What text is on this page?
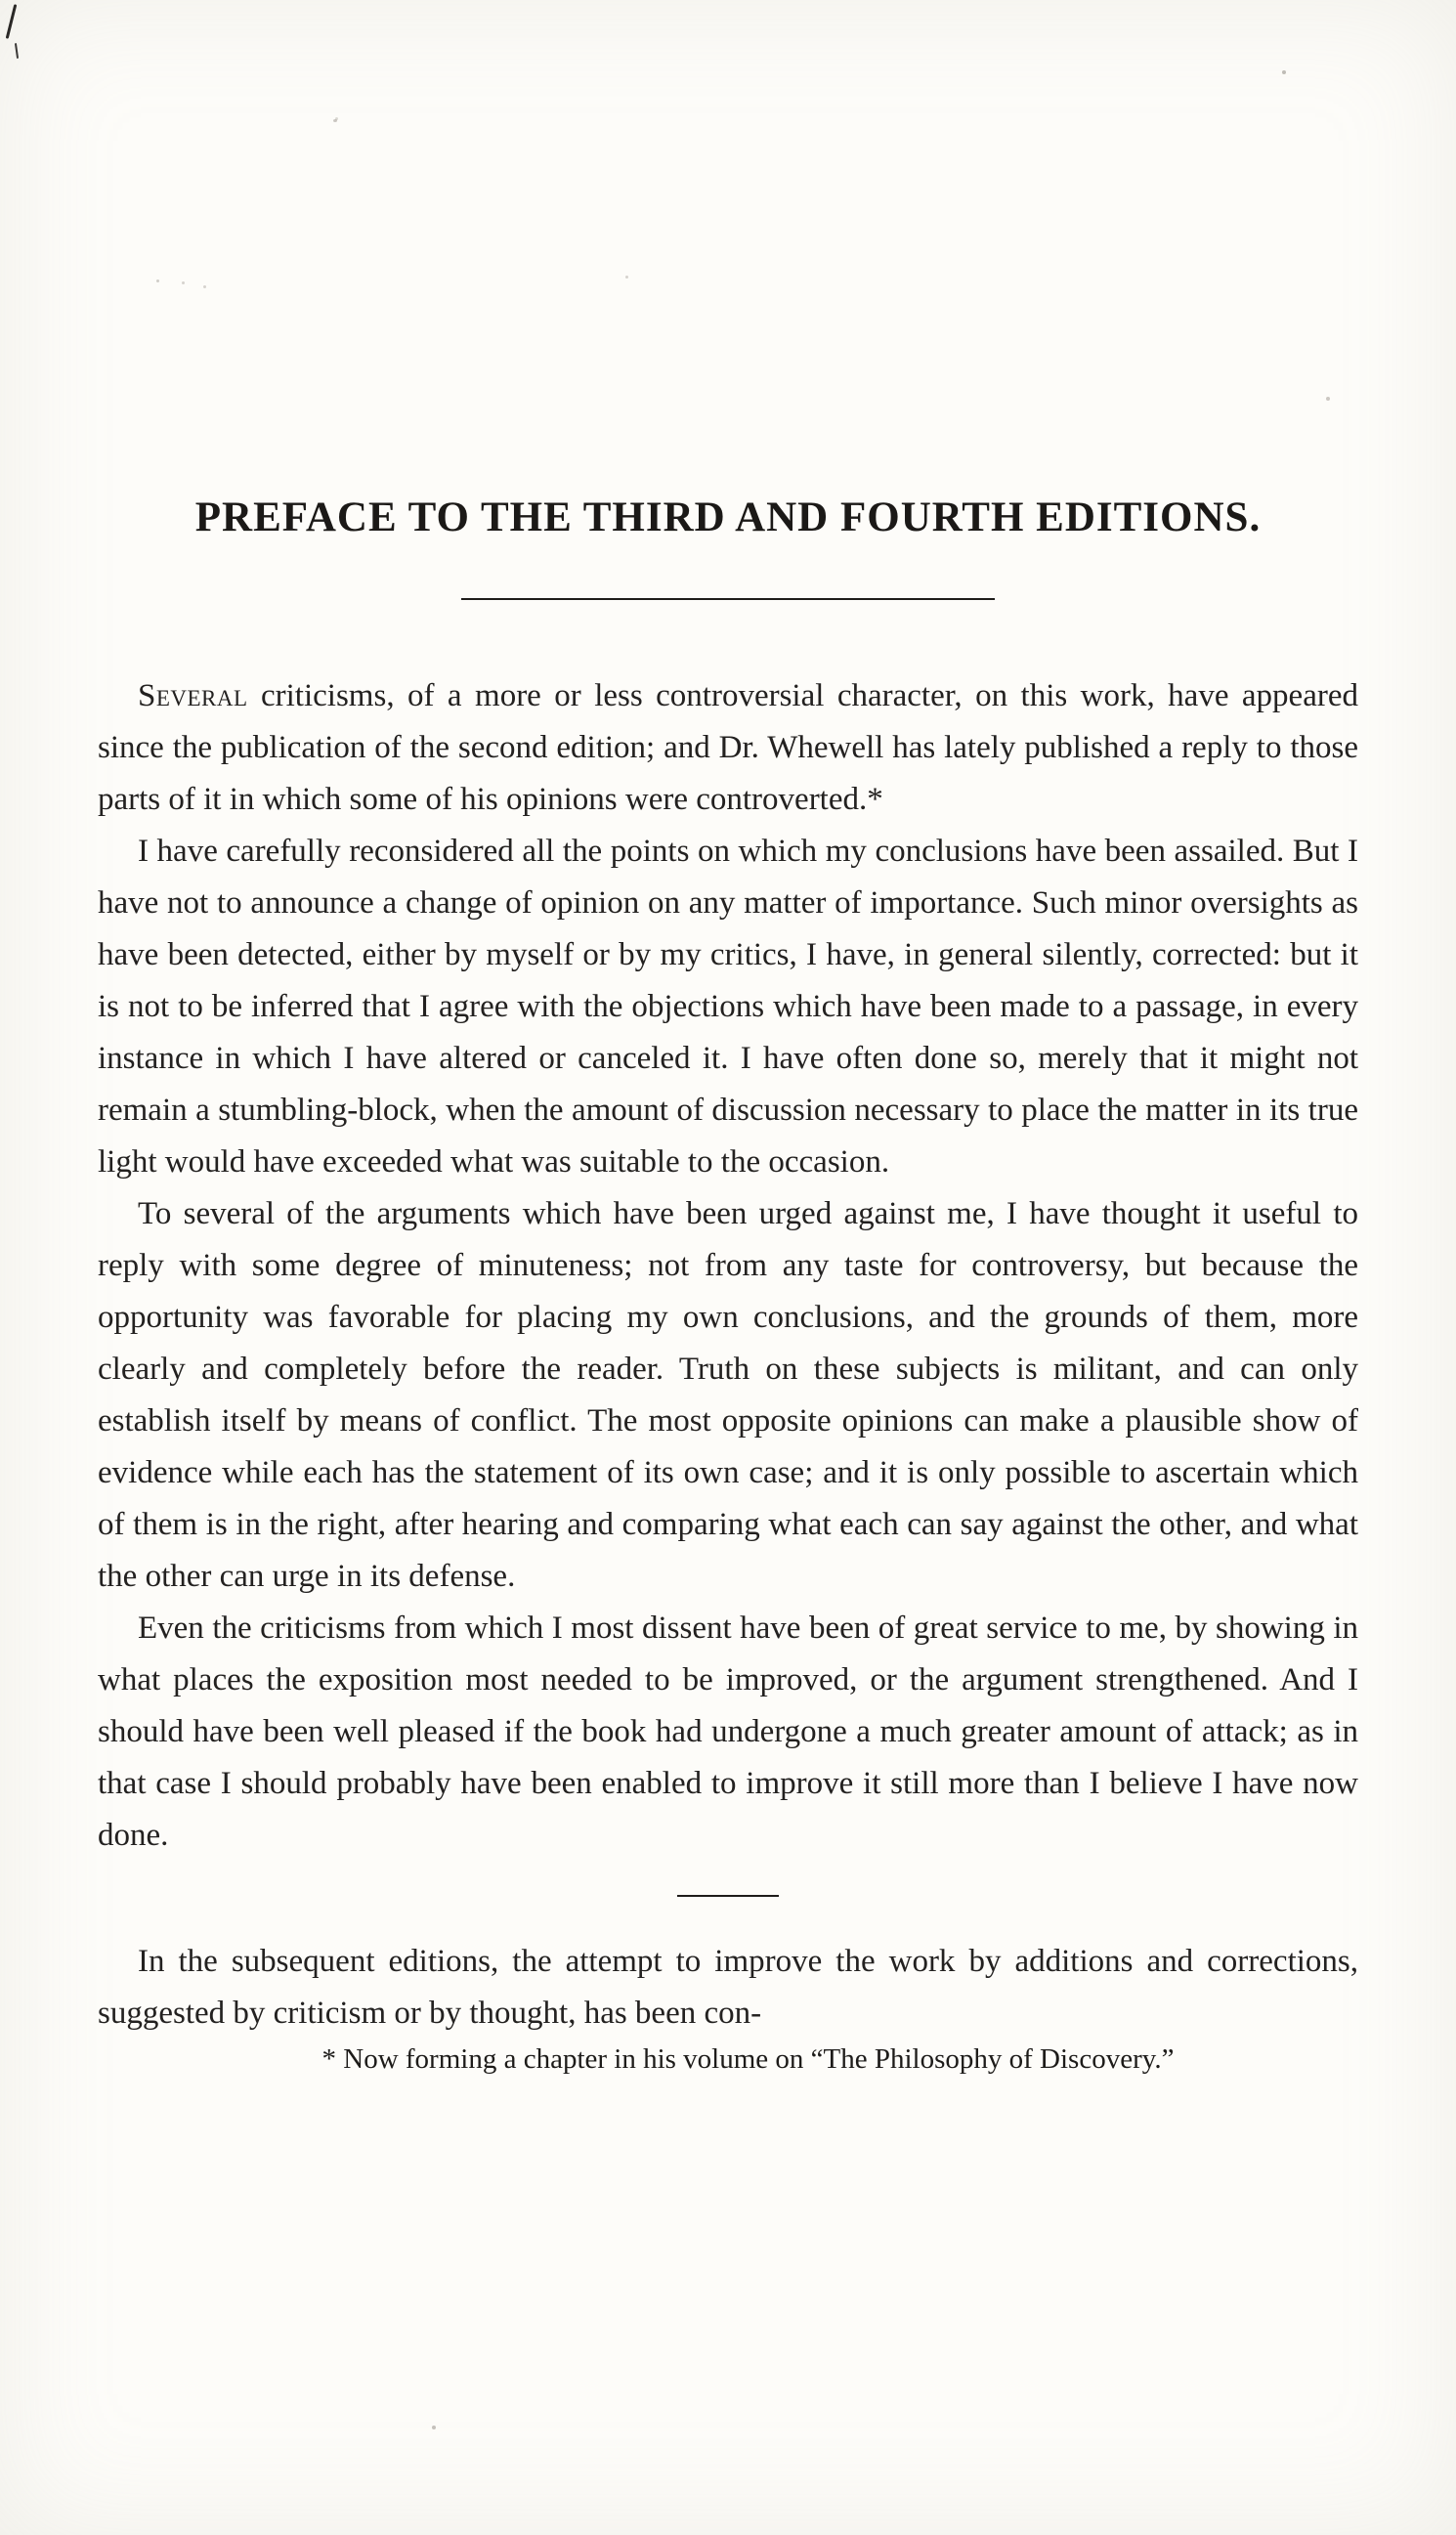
PREFACE TO THE THIRD AND FOURTH EDITIONS.

Several criticisms, of a more or less controversial character, on this work, have appeared since the publication of the second edition; and Dr. Whewell has lately published a reply to those parts of it in which some of his opinions were controverted.*

I have carefully reconsidered all the points on which my conclusions have been assailed. But I have not to announce a change of opinion on any matter of importance. Such minor oversights as have been detected, either by myself or by my critics, I have, in general silently, corrected: but it is not to be inferred that I agree with the objections which have been made to a passage, in every instance in which I have altered or canceled it. I have often done so, merely that it might not remain a stumbling-block, when the amount of discussion necessary to place the matter in its true light would have exceeded what was suitable to the occasion.

To several of the arguments which have been urged against me, I have thought it useful to reply with some degree of minuteness; not from any taste for controversy, but because the opportunity was favorable for placing my own conclusions, and the grounds of them, more clearly and completely before the reader. Truth on these subjects is militant, and can only establish itself by means of conflict. The most opposite opinions can make a plausible show of evidence while each has the statement of its own case; and it is only possible to ascertain which of them is in the right, after hearing and comparing what each can say against the other, and what the other can urge in its defense.

Even the criticisms from which I most dissent have been of great service to me, by showing in what places the exposition most needed to be improved, or the argument strengthened. And I should have been well pleased if the book had undergone a much greater amount of attack; as in that case I should probably have been enabled to improve it still more than I believe I have now done.

In the subsequent editions, the attempt to improve the work by additions and corrections, suggested by criticism or by thought, has been con-

* Now forming a chapter in his volume on “The Philosophy of Discovery.”
